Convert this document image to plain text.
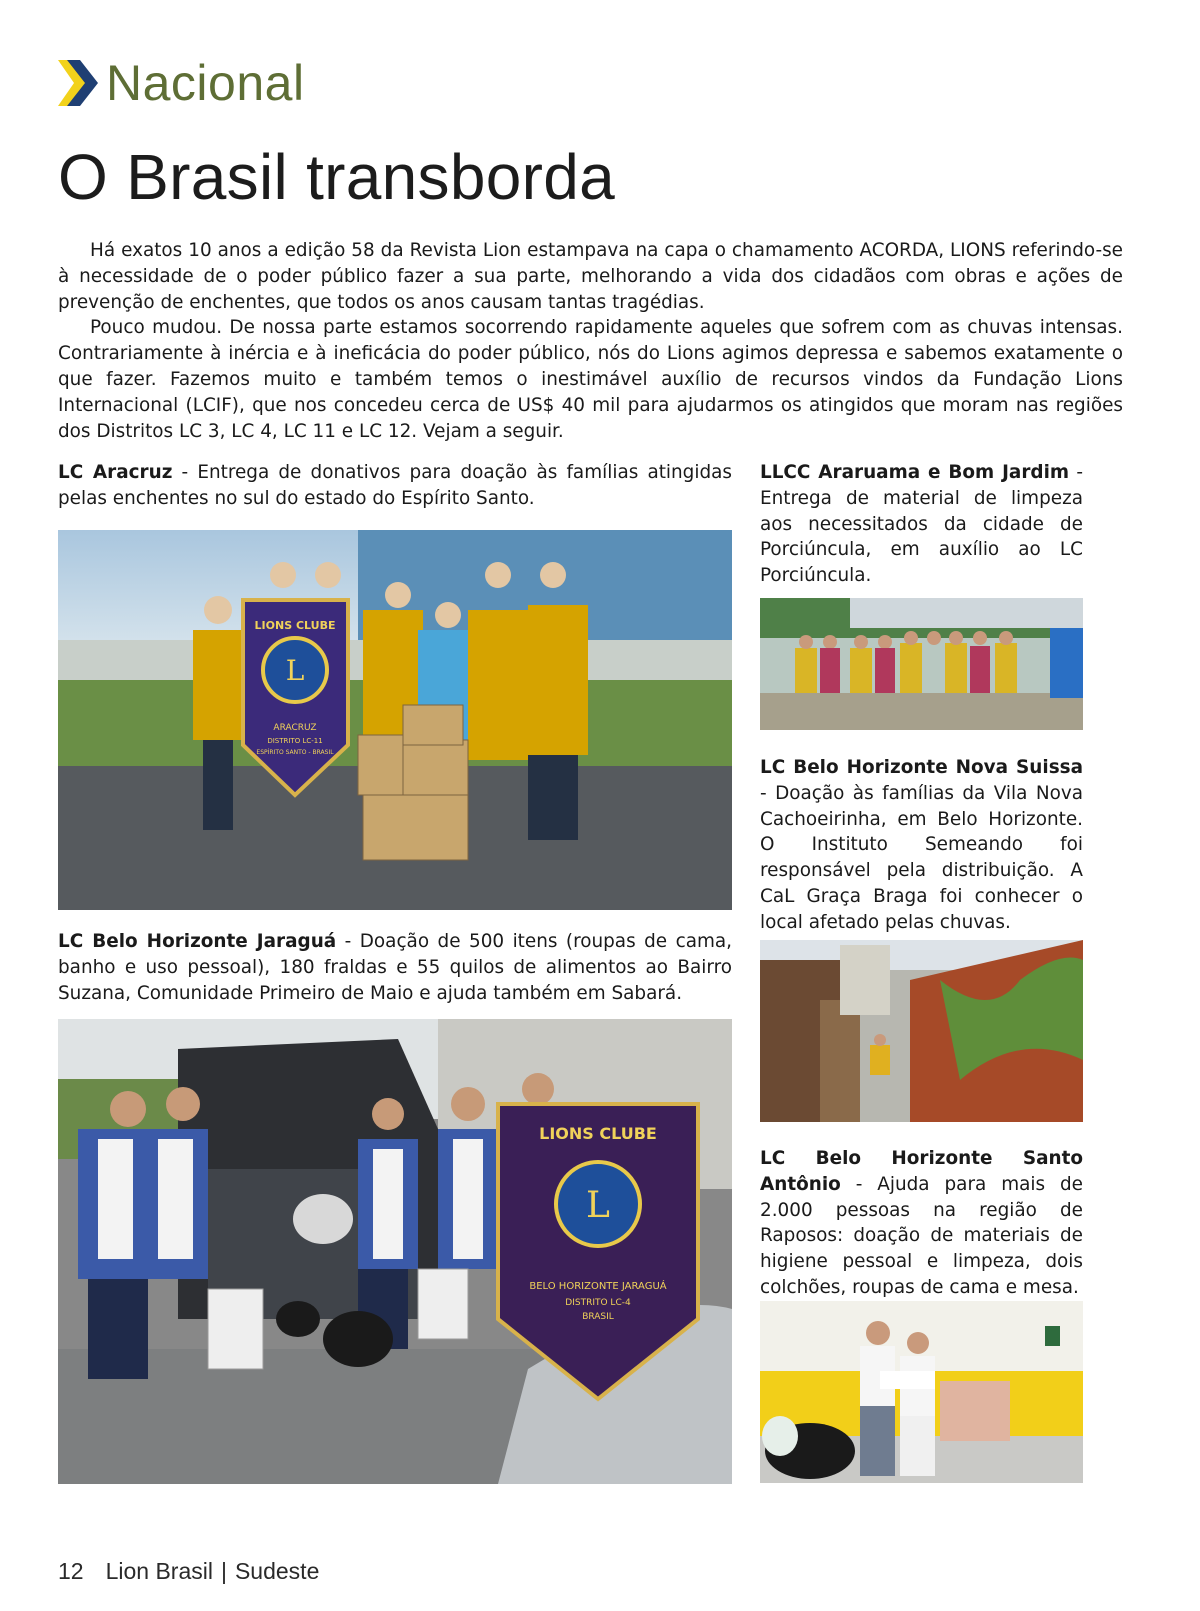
Nacional
O Brasil transborda

Há exatos 10 anos a edição 58 da Revista Lion estampava na capa o chamamento ACORDA, LIONS referindo-se à necessidade de o poder público fazer a sua parte, melhorando a vida dos cidadãos com obras e ações de prevenção de enchentes, que todos os anos causam tantas tragédias.

Pouco mudou. De nossa parte estamos socorrendo rapidamente aqueles que sofrem com as chuvas intensas. Contrariamente à inércia e à ineficácia do poder público, nós do Lions agimos depressa e sabemos exatamente o que fazer. Fazemos muito e também temos o inestimável auxílio de recursos vindos da Fundação Lions Internacional (LCIF), que nos concedeu cerca de US$ 40 mil para ajudarmos os atingidos que moram nas regiões dos Distritos LC 3, LC 4, LC 11 e LC 12. Vejam a seguir.

LC Aracruz - Entrega de donativos para doação às famílias atingidas pelas enchentes no sul do estado do Espírito Santo.
L
LIONS CLUBE
ARACRUZ
DISTRITO LC-11
ESPÍRITO SANTO - BRASIL
LC Belo Horizonte Jaraguá - Doação de 500 itens (roupas de cama, banho e uso pessoal), 180 fraldas e 55 quilos de alimentos ao Bairro Suzana, Comunidade Primeiro de Maio e ajuda também em Sabará.
L
LIONS CLUBE
BELO HORIZONTE JARAGUÁ
DISTRITO LC-4
BRASIL
LLCC Araruama e Bom Jardim - Entrega de material de limpeza aos necessitados da cidade de Porciúncula, em auxílio ao LC Porciúncula.
LC Belo Horizonte Nova Suissa - Doação às famílias da Vila Nova Cachoeirinha, em Belo Horizonte. O Instituto Semeando foi responsável pela distribuição. A CaL Graça Braga foi conhecer o local afetado pelas chuvas.
LC Belo Horizonte Santo Antônio - Ajuda para mais de 2.000 pessoas na região de Raposos: doação de materiais de higiene pessoal e limpeza, dois colchões, roupas de cama e mesa.
12 Lion Brasil | Sudeste
